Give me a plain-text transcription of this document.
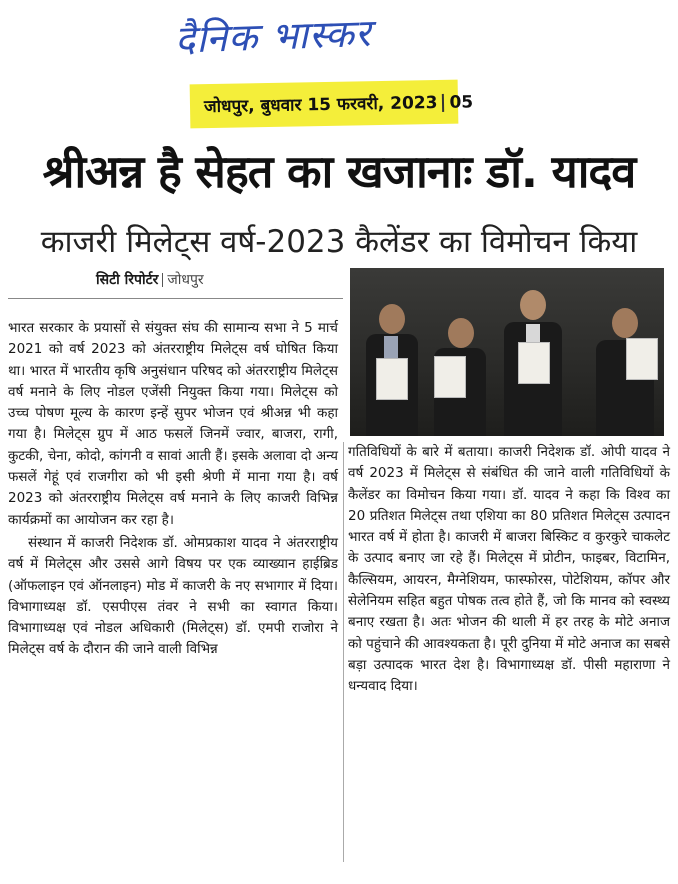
दैनिक भास्कर
जोधपुर, बुधवार 15 फरवरी, 2023 05
श्रीअन्न है सेहत का खजानाः डॉ. यादव
काजरी मिलेट्स वर्ष-2023 कैलेंडर का विमोचन किया
सिटी रिपोर्टर जोधपुर

भारत सरकार के प्रयासों से संयुक्त संघ की सामान्य सभा ने 5 मार्च 2021 को वर्ष 2023 को अंतरराष्ट्रीय मिलेट्स वर्ष घोषित किया था। भारत में भारतीय कृषि अनुसंधान परिषद को अंतरराष्ट्रीय मिलेट्स वर्ष मनाने के लिए नोडल एजेंसी नियुक्त किया गया। मिलेट्स को उच्च पोषण मूल्य के कारण इन्हें सुपर भोजन एवं श्रीअन्न भी कहा गया है। मिलेट्स ग्रुप में आठ फसलें जिनमें ज्वार, बाजरा, रागी, कुटकी, चेना, कोदो, कांगनी व सावां आती हैं। इसके अलावा दो अन्य फसलें गेहूं एवं राजगीरा को भी इसी श्रेणी में माना गया है। वर्ष 2023 को अंतरराष्ट्रीय मिलेट्स वर्ष मनाने के लिए काजरी विभिन्न कार्यक्रमों का आयोजन कर रहा है।

संस्थान में काजरी निदेशक डॉ. ओमप्रकाश यादव ने अंतरराष्ट्रीय वर्ष में मिलेट्स और उससे आगे विषय पर एक व्याख्यान हाईब्रिड (ऑफलाइन एवं ऑनलाइन) मोड में काजरी के नए सभागार में दिया। विभागाध्यक्ष डॉ. एसपीएस तंवर ने सभी का स्वागत किया। विभागाध्यक्ष एवं नोडल अधिकारी (मिलेट्स) डॉ. एमपी राजोरा ने मिलेट्स वर्ष के दौरान की जाने वाली विभिन्न

गतिविधियों के बारे में बताया। काजरी निदेशक डॉ. ओपी यादव ने वर्ष 2023 में मिलेट्स से संबंधित की जाने वाली गतिविधियों के कैलेंडर का विमोचन किया गया। डॉ. यादव ने कहा कि विश्व का 20 प्रतिशत मिलेट्स तथा एशिया का 80 प्रतिशत मिलेट्स उत्पादन भारत वर्ष में होता है। काजरी में बाजरा बिस्किट व कुरकुरे चाकलेट के उत्पाद बनाए जा रहे हैं। मिलेट्स में प्रोटीन, फाइबर, विटामिन, कैल्सियम, आयरन, मैग्नेशियम, फास्फोरस, पोटेशियम, कॉपर और सेलेनियम सहित बहुत पोषक तत्व होते हैं, जो कि मानव को स्वस्थ्य बनाए रखता है। अतः भोजन की थाली में हर तरह के मोटे अनाज को पहुंचाने की आवश्यकता है। पूरी दुनिया में मोटे अनाज का सबसे बड़ा उत्पादक भारत देश है। विभागाध्यक्ष डॉ. पीसी महाराणा ने धन्यवाद दिया।
